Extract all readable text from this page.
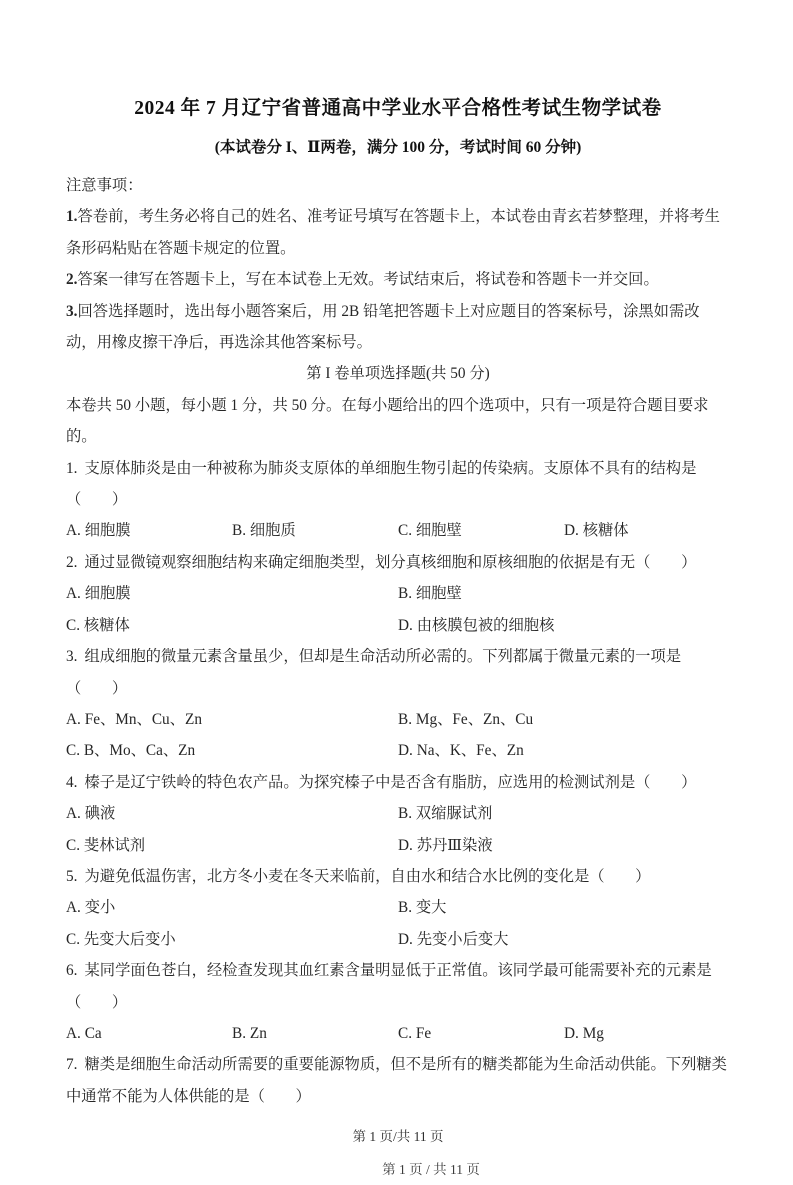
2024 年 7 月辽宁省普通高中学业水平合格性考试生物学试卷
(本试卷分 I、Ⅱ两卷，满分 100 分，考试时间 60 分钟)

注意事项：

1.答卷前，考生务必将自己的姓名、准考证号填写在答题卡上，本试卷由青玄若梦整理，并将考生条形码粘贴在答题卡规定的位置。

2.答案一律写在答题卡上，写在本试卷上无效。考试结束后，将试卷和答题卡一并交回。

3.回答选择题时，选出每小题答案后，用 2B 铅笔把答题卡上对应题目的答案标号，涂黑如需改动，用橡皮擦干净后，再选涂其他答案标号。

第 I 卷单项选择题(共 50 分)

本卷共 50 小题，每小题 1 分，共 50 分。在每小题给出的四个选项中，只有一项是符合题目要求的。

1. 支原体肺炎是由一种被称为肺炎支原体的单细胞生物引起的传染病。支原体不具有的结构是（　　）

A. 细胞膜	B. 细胞质	C. 细胞壁	D. 核糖体

2. 通过显微镜观察细胞结构来确定细胞类型，划分真核细胞和原核细胞的依据是有无（　　）

A. 细胞膜	B. 细胞壁
C. 核糖体	D. 由核膜包被的细胞核

3. 组成细胞的微量元素含量虽少，但却是生命活动所必需的。下列都属于微量元素的一项是（　　）

A. Fe、Mn、Cu、Zn	B. Mg、Fe、Zn、Cu
C. B、Mo、Ca、Zn	D. Na、K、Fe、Zn

4. 榛子是辽宁铁岭的特色农产品。为探究榛子中是否含有脂肪，应选用的检测试剂是（　　）

A. 碘液	B. 双缩脲试剂
C. 斐林试剂	D. 苏丹Ⅲ染液

5. 为避免低温伤害，北方冬小麦在冬天来临前，自由水和结合水比例的变化是（　　）

A. 变小	B. 变大
C. 先变大后变小	D. 先变小后变大

6. 某同学面色苍白，经检查发现其血红素含量明显低于正常值。该同学最可能需要补充的元素是（　　）

A. Ca	B. Zn	C. Fe	D. Mg

7. 糖类是细胞生命活动所需要的重要能源物质，但不是所有的糖类都能为生命活动供能。下列糖类中通常不能为人体供能的是（　　）

第 1 页/共 11 页
第 1 页 / 共 11 页
